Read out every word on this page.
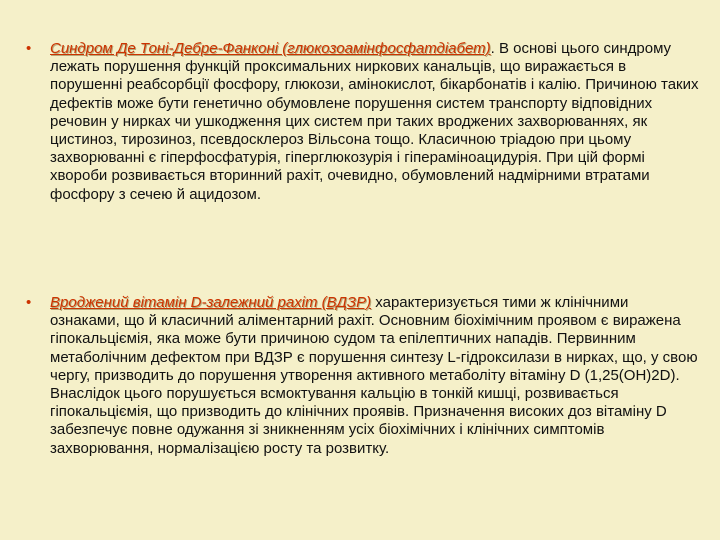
• Синдром Де Тоні-Дебре-Фанконі (глюкозоамінфосфатдіабет). В основі цього синдрому лежать порушення функцій проксимальних ниркових канальців, що виражається в порушенні реабсорбції фосфору, глюкози, амінокислот, бікарбонатів і калію. Причиною таких дефектів може бути генетично обумовлене порушення систем транспорту відповідних речовин у нирках чи ушкодження цих систем при таких вроджених захворюваннях, як цистиноз, тирозиноз, псевдосклероз Вільсона тощо. Класичною тріадою при цьому захворюванні є гіперфосфатурія, гіперглюкозурія і гіпераміноацидурія. При цій формі хвороби розвивається вторинний рахіт, очевидно, обумовлений надмірними втратами фосфору з сечею й ацидозом.
• Вроджений вітамін D-залежний рахіт (ВДЗР) характеризується тими ж клінічними ознаками, що й класичний аліментарний рахіт. Основним біохімічним проявом є виражена гіпокальціємія, яка може бути причиною судом та епілептичних нападів. Первинним метаболічним дефектом при ВДЗР є порушення синтезу L-гідроксилази в нирках, що, у свою чергу, призводить до порушення утворення активного метаболіту вітаміну D (1,25(ОН)2D). Внаслідок цього порушується всмоктування кальцію в тонкій кишці, розвивається гіпокальціємія, що призводить до клінічних проявів. Призначення високих доз вітаміну D забезпечує повне одужання зі зникненням усіх біохімічних і клінічних симптомів захворювання, нормалізацією росту та розвитку.
